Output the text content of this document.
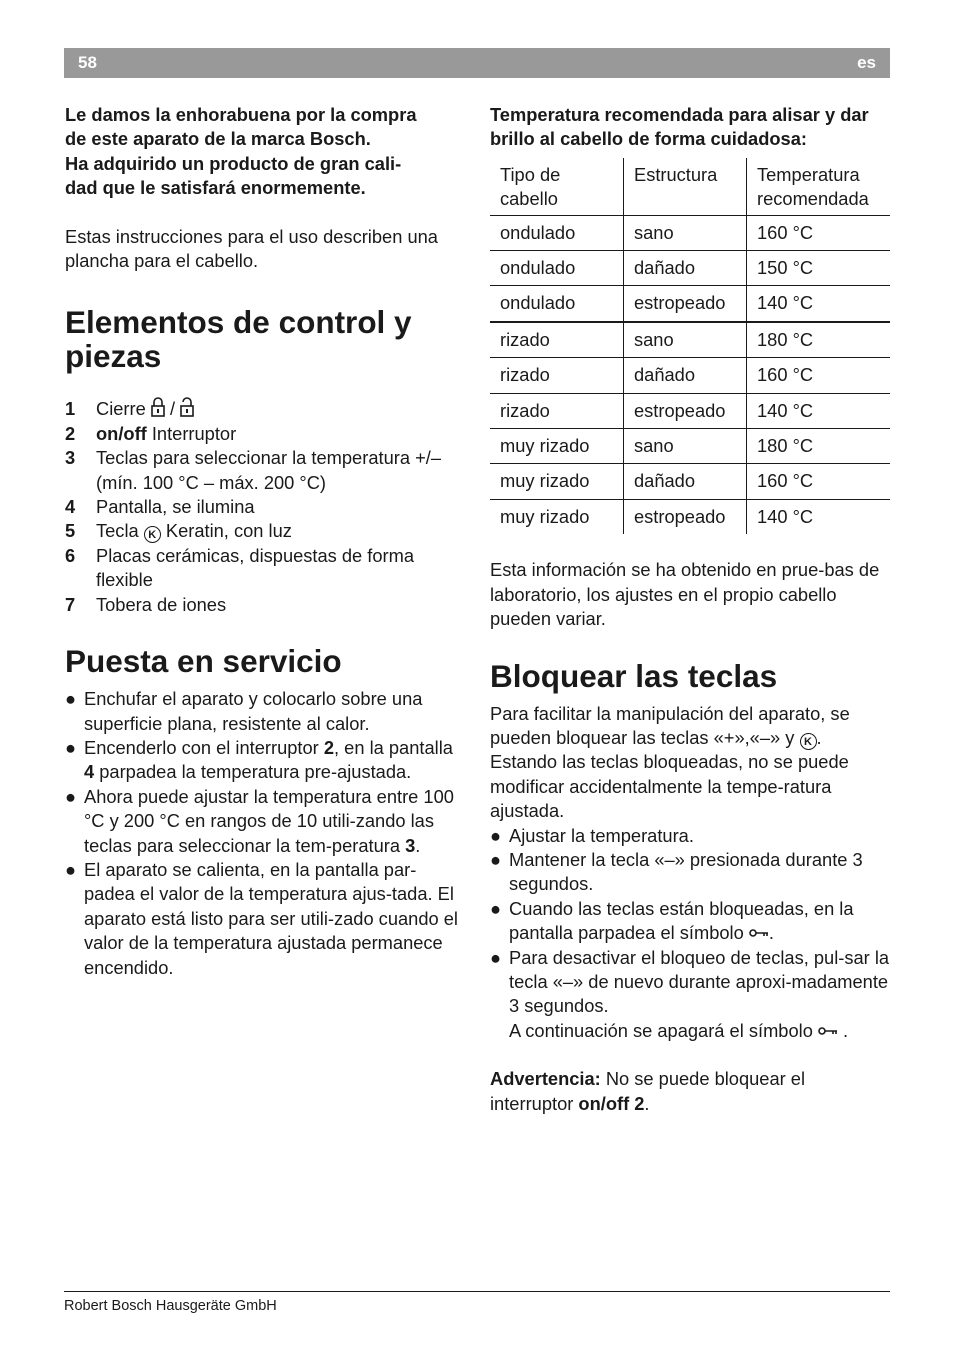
58	es

Le damos la enhorabuena por la compra
de este aparato de la marca Bosch.
Ha adquirido un producto de gran cali-
dad que le satisfará enormemente.

Estas instrucciones para el uso describen una plancha para el cabello.

Elementos de control y piezas
1 Cierre /
2 on/off Interruptor
3 Teclas para seleccionar la temperatura +/– (mín. 100 °C – máx. 200 °C)
4 Pantalla, se ilumina
5 Tecla K Keratin, con luz
6 Placas cerámicas, dispuestas de forma flexible
7 Tobera de iones
Puesta en servicio
● Enchufar el aparato y colocarlo sobre una superficie plana, resistente al calor.
● Encenderlo con el interruptor 2, en la pantalla 4 parpadea la temperatura pre-ajustada.
● Ahora puede ajustar la temperatura entre 100 °C y 200 °C en rangos de 10 utili-zando las teclas para seleccionar la tem-peratura 3.
● El aparato se calienta, en la pantalla par-padea el valor de la temperatura ajus-tada. El aparato está listo para ser utili-zado cuando el valor de la temperatura ajustada permanece encendido.

Temperatura recomendada para alisar y dar brillo al cabello de forma cuidadosa:

Tipo de cabello	Estructura	Temperatura recomendada
ondulado	sano	160 °C
ondulado	dañado	150 °C
ondulado	estropeado	140 °C
rizado	sano	180 °C
rizado	dañado	160 °C
rizado	estropeado	140 °C
muy rizado	sano	180 °C
muy rizado	dañado	160 °C
muy rizado	estropeado	140 °C

Esta información se ha obtenido en prue-bas de laboratorio, los ajustes en el propio cabello pueden variar.

Bloquear las teclas

Para facilitar la manipulación del aparato, se pueden bloquear las teclas «+»,«–» y K . Estando las teclas bloqueadas, no se puede modificar accidentalmente la tempe-ratura ajustada.

● Ajustar la temperatura.
● Mantener la tecla «–» presionada durante 3 segundos.
● Cuando las teclas están bloqueadas, en la pantalla parpadea el símbolo .
● Para desactivar el bloqueo de teclas, pul-sar la tecla «–» de nuevo durante aproxi-madamente 3 segundos.
A continuación se apagará el símbolo  .

Advertencia: No se puede bloquear el interruptor on/off 2.

Robert Bosch Hausgeräte GmbH
